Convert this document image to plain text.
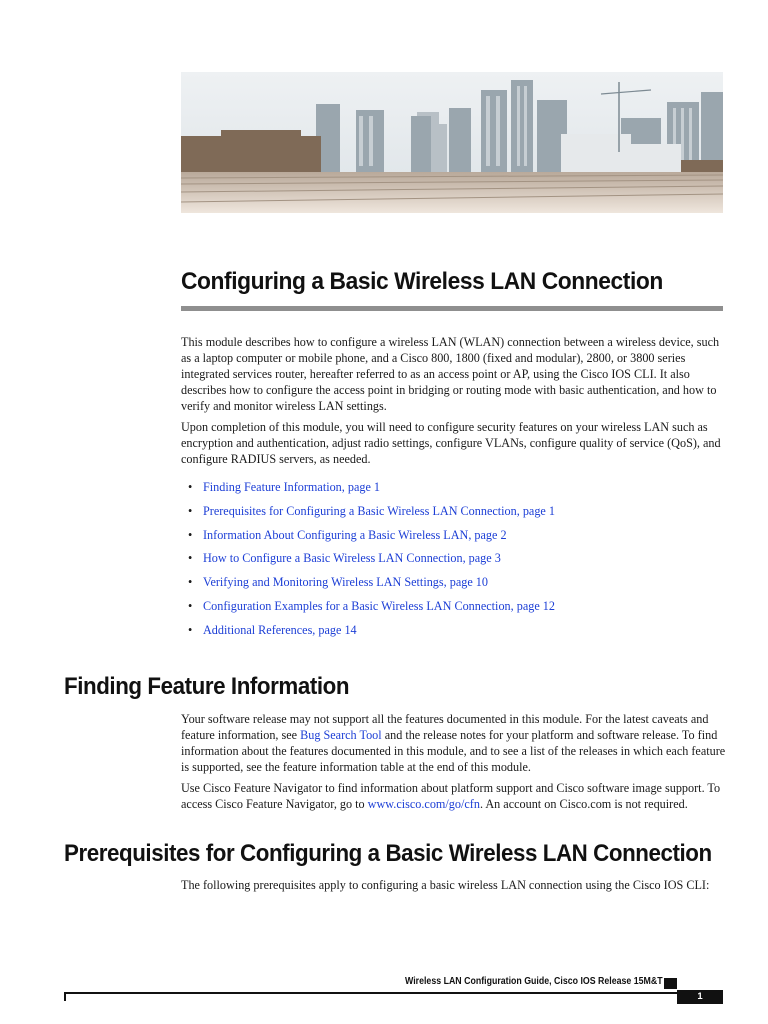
Configuring a Basic Wireless LAN Connection

This module describes how to configure a wireless LAN (WLAN) connection between a wireless device, such as a laptop computer or mobile phone, and a Cisco 800, 1800 (fixed and modular), 2800, or 3800 series integrated services router, hereafter referred to as an access point or AP, using the Cisco IOS CLI. It also describes how to configure the access point in bridging or routing mode with basic authentication, and how to verify and monitor wireless LAN settings.

Upon completion of this module, you will need to configure security features on your wireless LAN such as encryption and authentication, adjust radio settings, configure VLANs, configure quality of service (QoS), and configure RADIUS servers, as needed.

• Finding Feature Information, page 1
• Prerequisites for Configuring a Basic Wireless LAN Connection, page 1
• Information About Configuring a Basic Wireless LAN, page 2
• How to Configure a Basic Wireless LAN Connection, page 3
• Verifying and Monitoring Wireless LAN Settings, page 10
• Configuration Examples for a Basic Wireless LAN Connection, page 12
• Additional References, page 14
Finding Feature Information

Your software release may not support all the features documented in this module. For the latest caveats and feature information, see Bug Search Tool and the release notes for your platform and software release. To find information about the features documented in this module, and to see a list of the releases in which each feature is supported, see the feature information table at the end of this module.

Use Cisco Feature Navigator to find information about platform support and Cisco software image support. To access Cisco Feature Navigator, go to www.cisco.com/go/cfn. An account on Cisco.com is not required.

Prerequisites for Configuring a Basic Wireless LAN Connection

The following prerequisites apply to configuring a basic wireless LAN connection using the Cisco IOS CLI:

Wireless LAN Configuration Guide, Cisco IOS Release 15M&T
1
